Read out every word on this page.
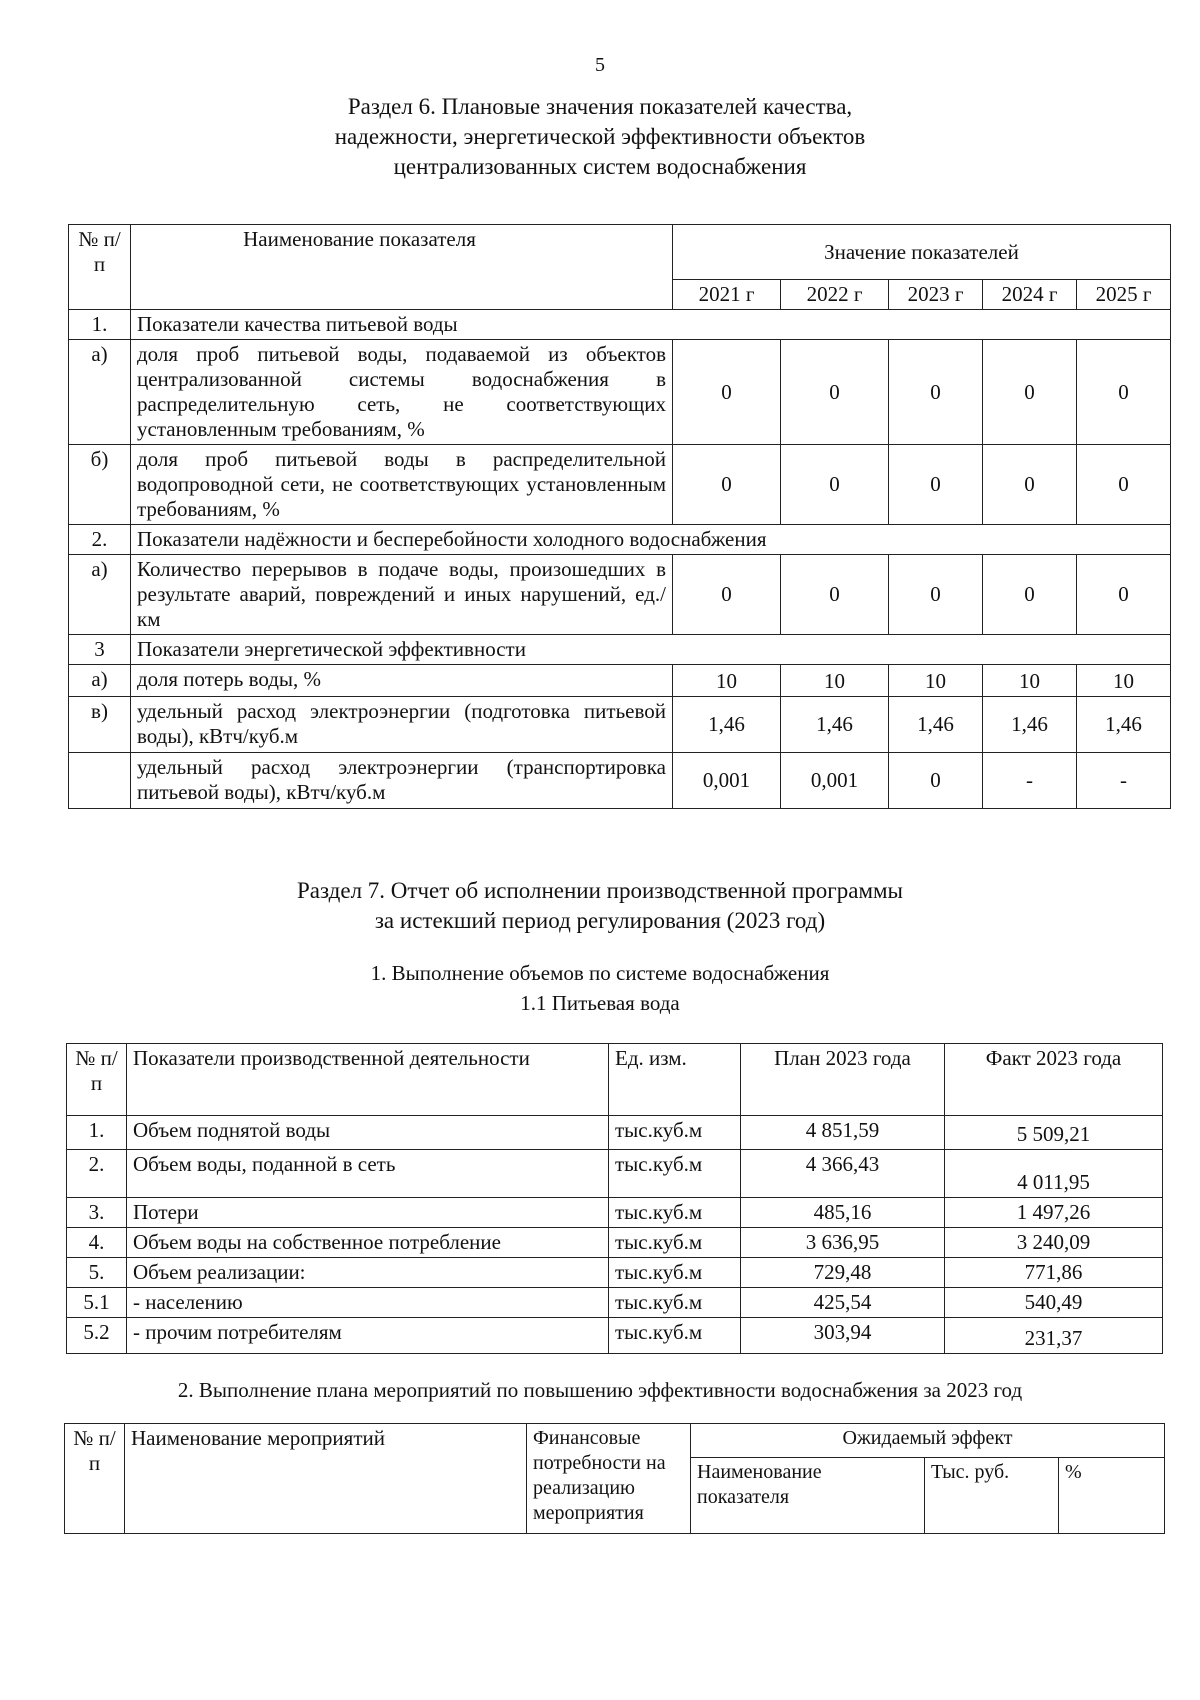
5
Раздел 6. Плановые значения показателей качества,
надежности, энергетической эффективности объектов
централизованных систем водоснабжения
№ п/п	Наименование показателя	Значение показателей				
		2021 г	2022 г	2023 г	2024 г	2025 г
1.	Показатели качества питьевой воды					
а)	доля проб питьевой воды, подаваемой из объектов централизованной системы водоснабжения в распределительную сеть, не соответствующих установленным требованиям, %	0	0	0	0	0
б)	доля проб питьевой воды в распределительной водопроводной сети, не соответствующих установленным требованиям, %	0	0	0	0	0
2.	Показатели надёжности и бесперебойности холодного водоснабжения					
а)	Количество перерывов в подаче воды, произошедших в результате аварий, повреждений и иных нарушений, ед./км	0	0	0	0	0
3	Показатели энергетической эффективности					
а)	доля потерь воды, %	10	10	10	10	10
в)	удельный расход электроэнергии (подготовка питьевой воды), кВтч/куб.м	1,46	1,46	1,46	1,46	1,46
	удельный расход электроэнергии (транспортировка питьевой воды), кВтч/куб.м	0,001	0,001	0	-	-
Раздел 7. Отчет об исполнении производственной программы
за истекший период регулирования (2023 год)
1. Выполнение объемов по системе водоснабжения
1.1 Питьевая вода
№ п/п	Показатели производственной деятельности	Ед. изм.	План 2023 года	Факт 2023 года
1.	Объем поднятой воды	тыс.куб.м	4 851,59	5 509,21
2.	Объем воды, поданной в сеть	тыс.куб.м	4 366,43	4 011,95
3.	Потери	тыс.куб.м	485,16	1 497,26
4.	Объем воды на собственное потребление	тыс.куб.м	3 636,95	3 240,09
5.	Объем реализации:	тыс.куб.м	729,48	771,86
5.1	- населению	тыс.куб.м	425,54	540,49
5.2	- прочим потребителям	тыс.куб.м	303,94	231,37
2. Выполнение плана мероприятий по повышению эффективности водоснабжения за 2023 год
№ п/п	Наименование мероприятий	Финансовые потребности на реализацию мероприятия	Ожидаемый эффект		
			Наименование показателя	Тыс. руб.	%
